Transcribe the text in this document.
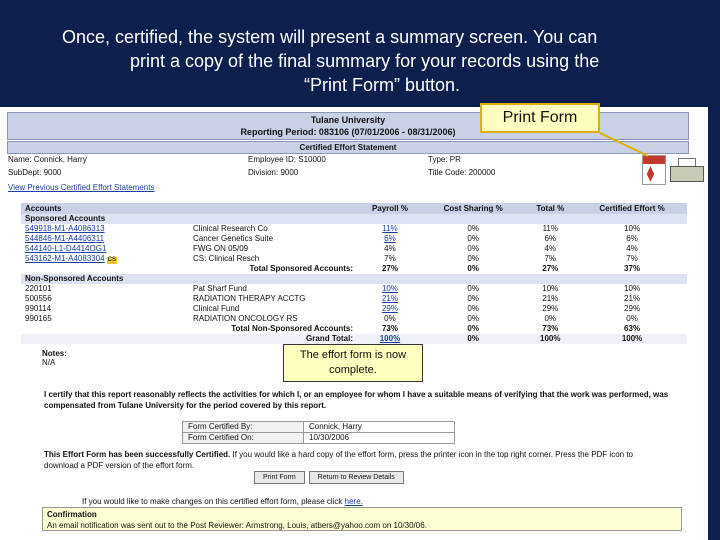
Once, certified, the system will present a summary screen. You can
print a copy of the final summary for your records using the
“Print Form” button.
Tulane University
Reporting Period: 083106 (07/01/2006 - 08/31/2006)
Certified Effort Statement
Name: Connick, Harry	Employee ID: S10000	Type: PR
SubDept: 9000	Division: 9000	Title Code: 200000
View Previous Certified Effort Statements
⧫
Accounts		Payroll %	Cost Sharing %	Total %	Certified Effort %
Sponsored Accounts					
549918-M1-A4086313	Clinical Research Co	11%	0%	11%	10%
544846-M1-A4406311	Cancer Genetics Suite	6%	0%	6%	6%
544140-L1-D4414OG1	FWG ON 05/09	4%	0%	4%	4%
543162-M1-A4083304 CS	CS: Clinical Resch	7%	0%	7%	7%
	Total Sponsored Accounts:	27%	0%	27%	37%
Non-Sponsored Accounts					
220101	Pat Sharf Fund	10%	0%	10%	10%
500556	RADIATION THERAPY ACCTG	21%	0%	21%	21%
990114	Clinical Fund	29%	0%	29%	29%
990165	RADIATION ONCOLOGY RS	0%	0%	0%	0%
	Total Non-Sponsored Accounts:	73%	0%	73%	63%
	Grand Total:	100%	0%	100%	100%
Notes:
N/A
The effort form is now
complete.
I certify that this report reasonably reflects the activities for which I, or an employee for whom I have a suitable means of verifying that the work was performed, was compensated from Tulane University for the period covered by this report.
Form Certified By:	Connick, Harry
Form Certified On:	10/30/2006
This Effort Form has been successfully Certified. If you would like a hard copy of the effort form, press the printer icon in the top right corner. Press the PDF icon to download a PDF version of the effort form.
Print Form	Return to Review Details
If you would like to make changes on this certified effort form, please click here.
Confirmation
An email notification was sent out to the Post Reviewer: Armstrong, Louis, atbers@yahoo.com on 10/30/06.
Print Form
